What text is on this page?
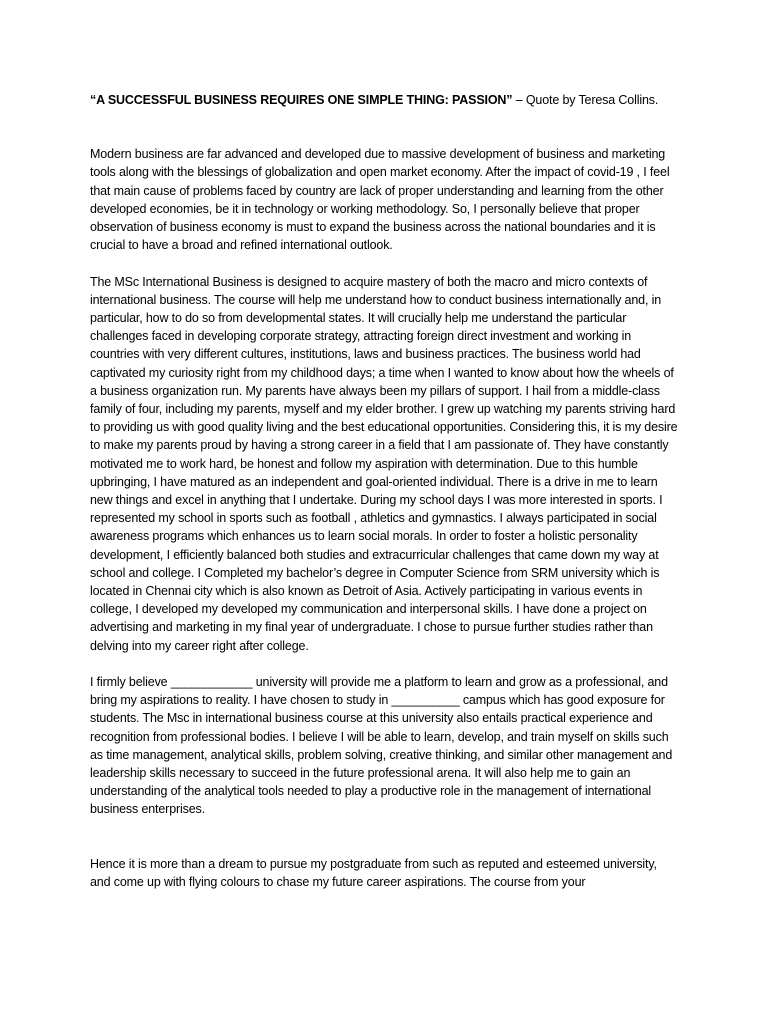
“A SUCCESSFUL BUSINESS REQUIRES ONE SIMPLE THING: PASSION” – Quote by Teresa Collins.

Modern business are far advanced and developed due to massive development of business and marketing tools along with the blessings of globalization and open market economy. After the impact of covid-19 , I feel that main cause of problems faced by country are lack of proper understanding and learning from the other developed economies, be it in technology or working methodology. So, I personally believe that proper observation of business economy is must to expand the business across the national boundaries and it is crucial to have a broad and refined international outlook.

The MSc International Business is designed to acquire mastery of both the macro and micro contexts of international business. The course will help me understand how to conduct business internationally and, in particular, how to do so from developmental states. It will crucially help me understand the particular challenges faced in developing corporate strategy, attracting foreign direct investment and working in countries with very different cultures, institutions, laws and business practices. The business world had captivated my curiosity right from my childhood days; a time when I wanted to know about how the wheels of a business organization run. My parents have always been my pillars of support. I hail from a middle-class family of four, including my parents, myself and my elder brother. I grew up watching my parents striving hard to providing us with good quality living and the best educational opportunities. Considering this, it is my desire to make my parents proud by having a strong career in a field that I am passionate of. They have constantly motivated me to work hard, be honest and follow my aspiration with determination. Due to this humble upbringing, I have matured as an independent and goal-oriented individual. There is a drive in me to learn new things and excel in anything that I undertake. During my school days I was more interested in sports. I represented my school in sports such as football , athletics and gymnastics. I always participated in social awareness programs which enhances us to learn social morals. In order to foster a holistic personality development, I efficiently balanced both studies and extracurricular challenges that came down my way at school and college. I Completed my bachelor’s degree in Computer Science from SRM university which is located in Chennai city which is also known as Detroit of Asia. Actively participating in various events in college, I developed my developed my communication and interpersonal skills. I have done a project on advertising and marketing in my final year of undergraduate. I chose to pursue further studies rather than delving into my career right after college.

I firmly believe ____________ university will provide me a platform to learn and grow as a professional, and bring my aspirations to reality. I have chosen to study in __________ campus which has good exposure for students. The Msc in international business course at this university also entails practical experience and recognition from professional bodies. I believe I will be able to learn, develop, and train myself on skills such as time management, analytical skills, problem solving, creative thinking, and similar other management and leadership skills necessary to succeed in the future professional arena. It will also help me to gain an understanding of the analytical tools needed to play a productive role in the management of international business enterprises.

Hence it is more than a dream to pursue my postgraduate from such as reputed and esteemed university, and come up with flying colours to chase my future career aspirations. The course from your
